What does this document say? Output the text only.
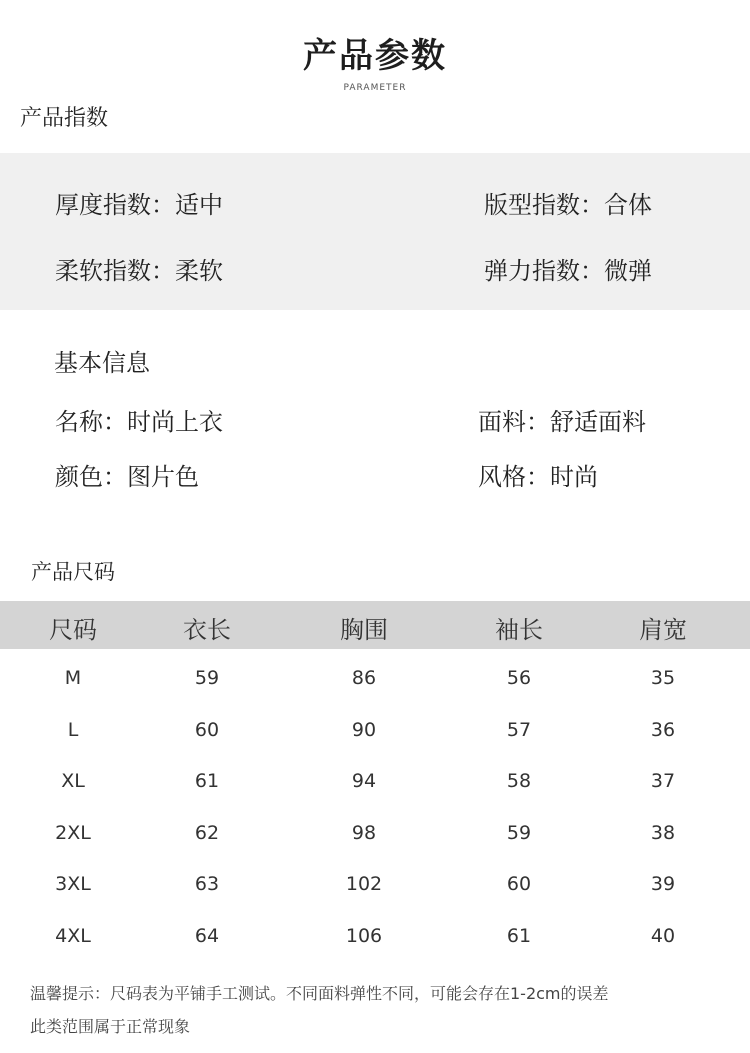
产品参数
PARAMETER
产品指数
厚度指数：适中	版型指数：合体
柔软指数：柔软	弹力指数：微弹
基本信息
名称：时尚上衣	面料：舒适面料
颜色：图片色	风格：时尚
产品尺码
尺码	衣长	胸围	袖长	肩宽
M	59	86	56	35
L	60	90	57	36
XL	61	94	58	37
2XL	62	98	59	38
3XL	63	102	60	39
4XL	64	106	61	40
温馨提示：尺码表为平铺手工测试。不同面料弹性不同，可能会存在1-2cm的误差
此类范围属于正常现象
